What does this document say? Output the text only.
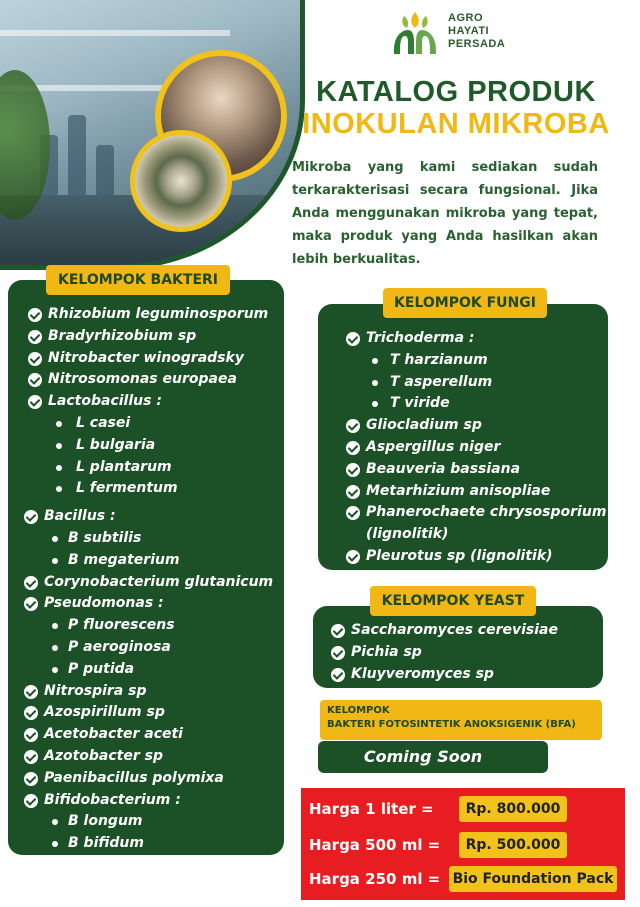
AGRO
HAYATI
PERSADA
KATALOG PRODUK
INOKULAN MIKROBA
Mikroba yang kami sediakan sudah terkarakterisasi secara fungsional. Jika Anda menggunakan mikroba yang tepat, maka produk yang Anda hasilkan akan lebih berkualitas.
KELOMPOK BAKTERI
Rhizobium leguminosporum
Bradyrhizobium sp
Nitrobacter winogradsky
Nitrosomonas europaea
Lactobacillus :
L casei
L bulgaria
L plantarum
L fermentum
Bacillus :
B subtilis
B megaterium
Corynobacterium glutanicum
Pseudomonas :
P fluorescens
P aeroginosa
P putida
Nitrospira sp
Azospirillum sp
Acetobacter aceti
Azotobacter sp
Paenibacillus polymixa
Bifidobacterium :
B longum
B bifidum
KELOMPOK FUNGI
Trichoderma :
T harzianum
T asperellum
T viride
Gliocladium sp
Aspergillus niger
Beauveria bassiana
Metarhizium anisopliae
Phanerochaete chrysosporium
(lignolitik)
Pleurotus sp (lignolitik)
KELOMPOK YEAST
Saccharomyces cerevisiae
Pichia sp
Kluyveromyces sp
KELOMPOK
BAKTERI FOTOSINTETIK ANOKSIGENIK (BFA)
Coming Soon
Harga 1 liter =	Rp. 800.000
Harga 500 ml =	Rp. 500.000
Harga 250 ml = Bio Foundation Pack
